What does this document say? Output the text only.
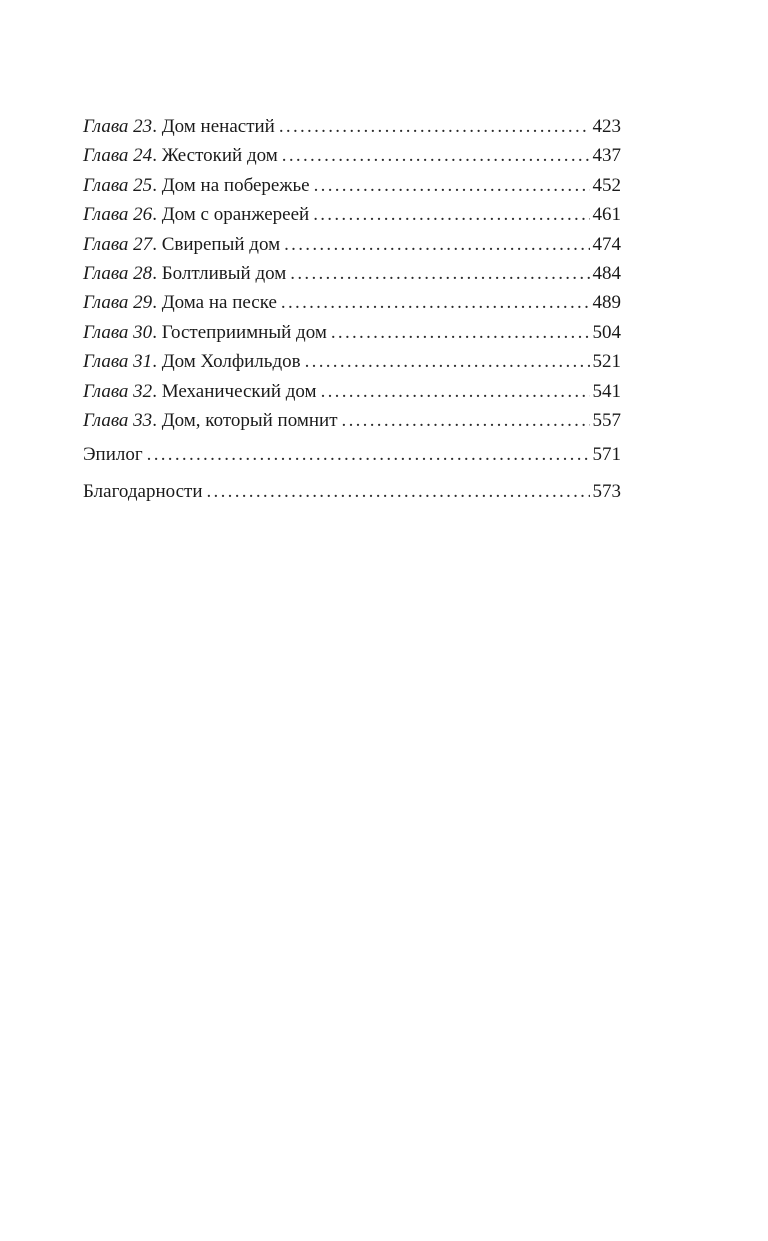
Глава 23. Дом ненастий .....	423
Глава 24. Жестокий дом .....	437
Глава 25. Дом на побережье .....	452
Глава 26. Дом с оранжереей .....	461
Глава 27. Свирепый дом .....	474
Глава 28. Болтливый дом .....	484
Глава 29. Дома на песке .....	489
Глава 30. Гостеприимный дом .....	504
Глава 31. Дом Холфильдов .....	521
Глава 32. Механический дом .....	541
Глава 33. Дом, который помнит .....	557
Эпилог .....	571
Благодарности .....	573
